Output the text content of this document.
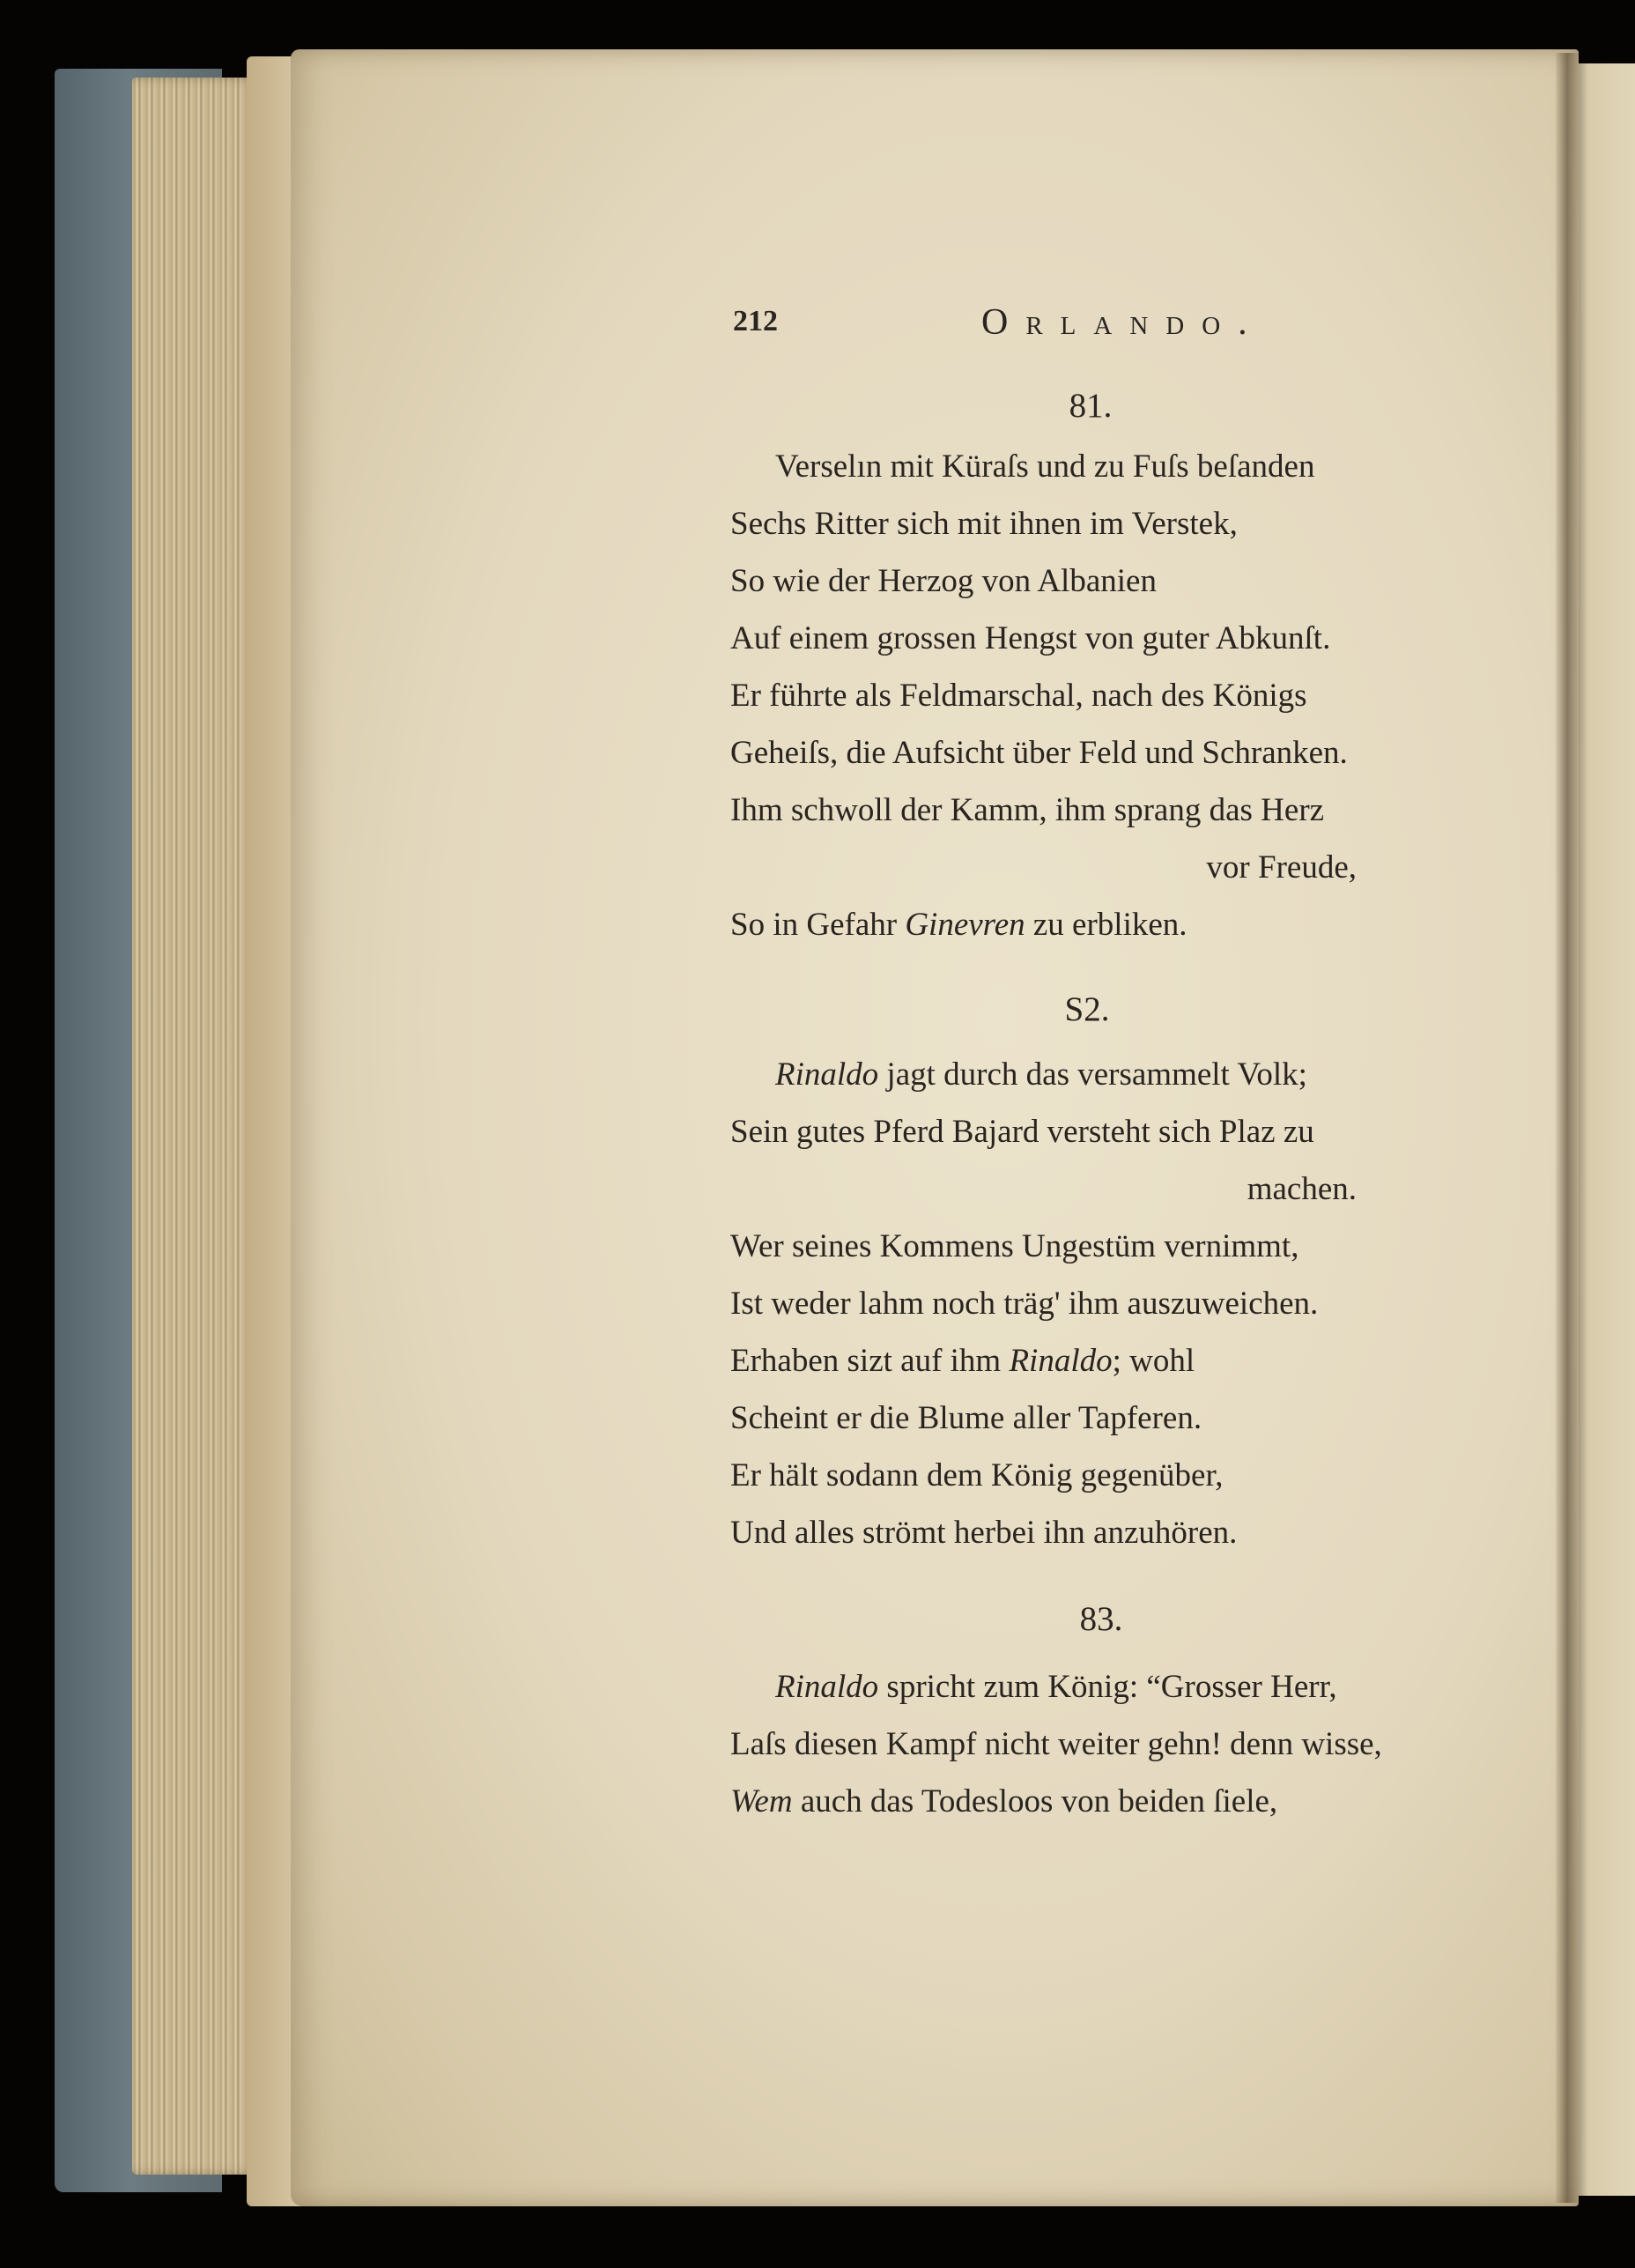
212	Orlando.
81.
Verselın mit Küraſs und zu Fuſs beſanden
Sechs Ritter sich mit ihnen im Verstek,
So wie der Herzog von Albanien
Auf einem grossen Hengst von guter Abkunſt.
Er führte als Feldmarschal, nach des Königs
Geheiſs, die Aufsicht über Feld und Schranken.
Ihm schwoll der Kamm, ihm sprang das Herz
vor Freude,
So in Gefahr Ginevren zu erbliken.
S2.
Rinaldo jagt durch das versammelt Volk;
Sein gutes Pferd Bajard versteht sich Plaz zu
machen.
Wer seines Kommens Ungestüm vernimmt,
Ist weder lahm noch träg' ihm auszuweichen.
Erhaben sizt auf ihm Rinaldo; wohl
Scheint er die Blume aller Tapferen.
Er hält sodann dem König gegenüber,
Und alles strömt herbei ihn anzuhören.
83.
Rinaldo spricht zum König: “Grosser Herr,
Laſs diesen Kampf nicht weiter gehn! denn wisse,
Wem auch das Todesloos von beiden ſiele,
